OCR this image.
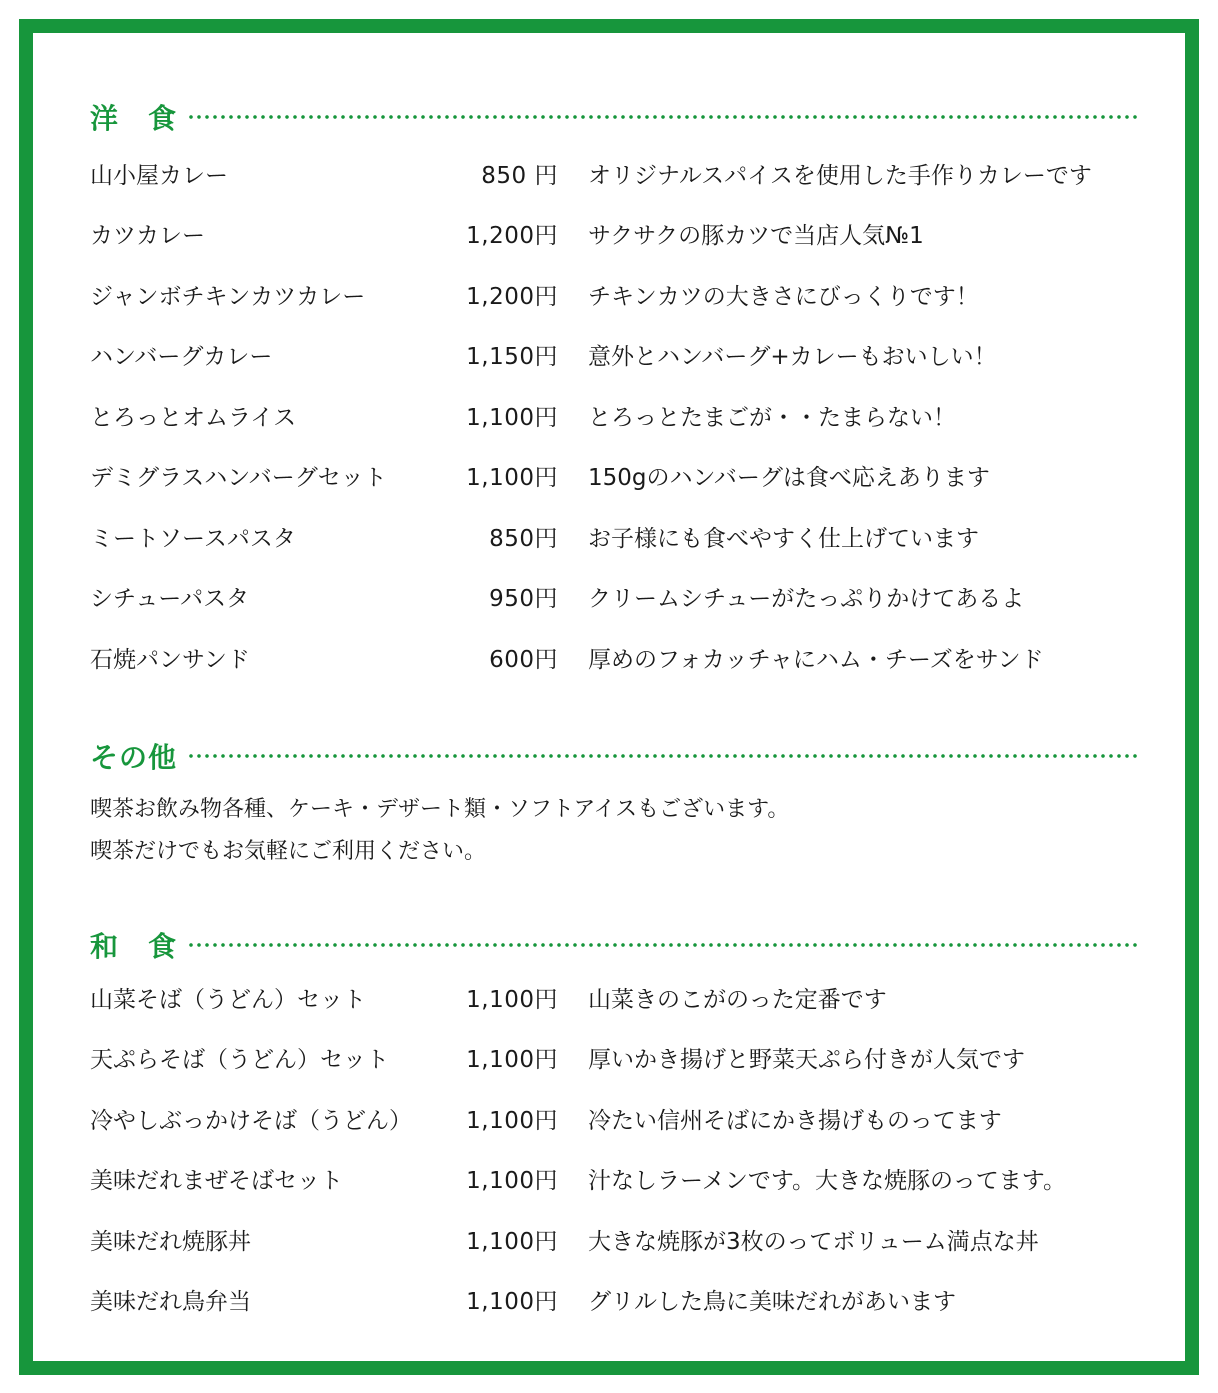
洋　食
山小屋カレー	850 円 オリジナルスパイスを使用した手作りカレーです
カツカレー	1,200円 サクサクの豚カツで当店人気№1
ジャンボチキンカツカレー	1,200円 チキンカツの大きさにびっくりです！
ハンバーグカレー	1,150円 意外とハンバーグ+カレーもおいしい！
とろっとオムライス	1,100円 とろっとたまごが・・たまらない！
デミグラスハンバーグセット	1,100円 150gのハンバーグは食べ応えあります
ミートソースパスタ	850円 お子様にも食べやすく仕上げています
シチューパスタ	950円 クリームシチューがたっぷりかけてあるよ
石焼パンサンド	600円 厚めのフォカッチャにハム・チーズをサンド
その他
喫茶お飲み物各種、ケーキ・デザート類・ソフトアイスもございます。
喫茶だけでもお気軽にご利用ください。
和　食
山菜そば（うどん）セット	1,100円 山菜きのこがのった定番です
天ぷらそば（うどん）セット	1,100円 厚いかき揚げと野菜天ぷら付きが人気です
冷やしぶっかけそば（うどん） 1,100円 冷たい信州そばにかき揚げものってます
美味だれまぜそばセット	1,100円 汁なしラーメンです。大きな焼豚のってます。
美味だれ焼豚丼	1,100円 大きな焼豚が3枚のってボリューム満点な丼
美味だれ鳥弁当	1,100円 グリルした鳥に美味だれがあいます
